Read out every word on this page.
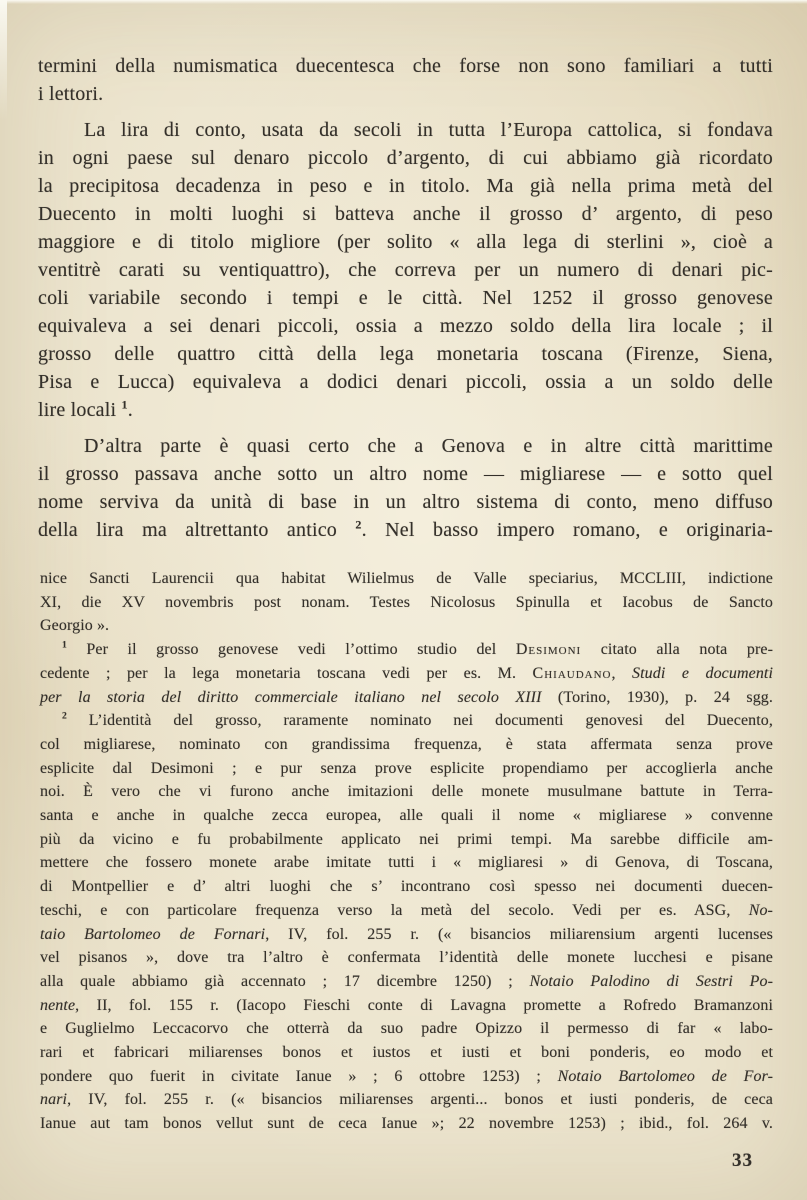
termini della numismatica duecentesca che forse non sono familiari a tutti
i lettori.
La lira di conto, usata da secoli in tutta l’Europa cattolica, si fondava
in ogni paese sul denaro piccolo d’argento, di cui abbiamo già ricordato
la precipitosa decadenza in peso e in titolo. Ma già nella prima metà del
Duecento in molti luoghi si batteva anche il grosso d’ argento, di peso
maggiore e di titolo migliore (per solito « alla lega di sterlini », cioè a
ventitrè carati su ventiquattro), che correva per un numero di denari pic-
coli variabile secondo i tempi e le città. Nel 1252 il grosso genovese
equivaleva a sei denari piccoli, ossia a mezzo soldo della lira locale ; il
grosso delle quattro città della lega monetaria toscana (Firenze, Siena,
Pisa e Lucca) equivaleva a dodici denari piccoli, ossia a un soldo delle
lire locali $^1$.
D’altra parte è quasi certo che a Genova e in altre città marittime
il grosso passava anche sotto un altro nome — migliarese — e sotto quel
nome serviva da unità di base in un altro sistema di conto, meno diffuso
della lira ma altrettanto antico $^2$. Nel basso impero romano, e originaria-
nice Sancti Laurencii qua habitat Wilielmus de Valle speciarius, MCCLIII, indictione
XI, die XV novembris post nonam. Testes Nicolosus Spinulla et Iacobus de Sancto
Georgio ».
$^1$ Per il grosso genovese vedi l’ottimo studio del Desimoni citato alla nota pre-
cedente ; per la lega monetaria toscana vedi per es. M. Chiaudano, Studi e documenti
per la storia del diritto commerciale italiano nel secolo XIII (Torino, 1930), p. 24 sgg.
$^2$ L’identità del grosso, raramente nominato nei documenti genovesi del Duecento,
col migliarese, nominato con grandissima frequenza, è stata affermata senza prove
esplicite dal Desimoni ; e pur senza prove esplicite propendiamo per accoglierla anche
noi. È vero che vi furono anche imitazioni delle monete musulmane battute in Terra-
santa e anche in qualche zecca europea, alle quali il nome « migliarese » convenne
più da vicino e fu probabilmente applicato nei primi tempi. Ma sarebbe difficile am-
mettere che fossero monete arabe imitate tutti i « migliaresi » di Genova, di Toscana,
di Montpellier e d’ altri luoghi che s’ incontrano così spesso nei documenti duecen-
teschi, e con particolare frequenza verso la metà del secolo. Vedi per es. ASG, No-
taio Bartolomeo de Fornari, IV, fol. 255 r. (« bisancios miliarensium argenti lucenses
vel pisanos », dove tra l’altro è confermata l’identità delle monete lucchesi e pisane
alla quale abbiamo già accennato ; 17 dicembre 1250) ; Notaio Palodino di Sestri Po-
nente, II, fol. 155 r. (Iacopo Fieschi conte di Lavagna promette a Rofredo Bramanzoni
e Guglielmo Leccacorvo che otterrà da suo padre Opizzo il permesso di far « labo-
rari et fabricari miliarenses bonos et iustos et iusti et boni ponderis, eo modo et
pondere quo fuerit in civitate Ianue » ; 6 ottobre 1253) ; Notaio Bartolomeo de For-
nari, IV, fol. 255 r. (« bisancios miliarenses argenti... bonos et iusti ponderis, de ceca
Ianue aut tam bonos vellut sunt de ceca Ianue »; 22 novembre 1253) ; ibid., fol. 264 v.
33
